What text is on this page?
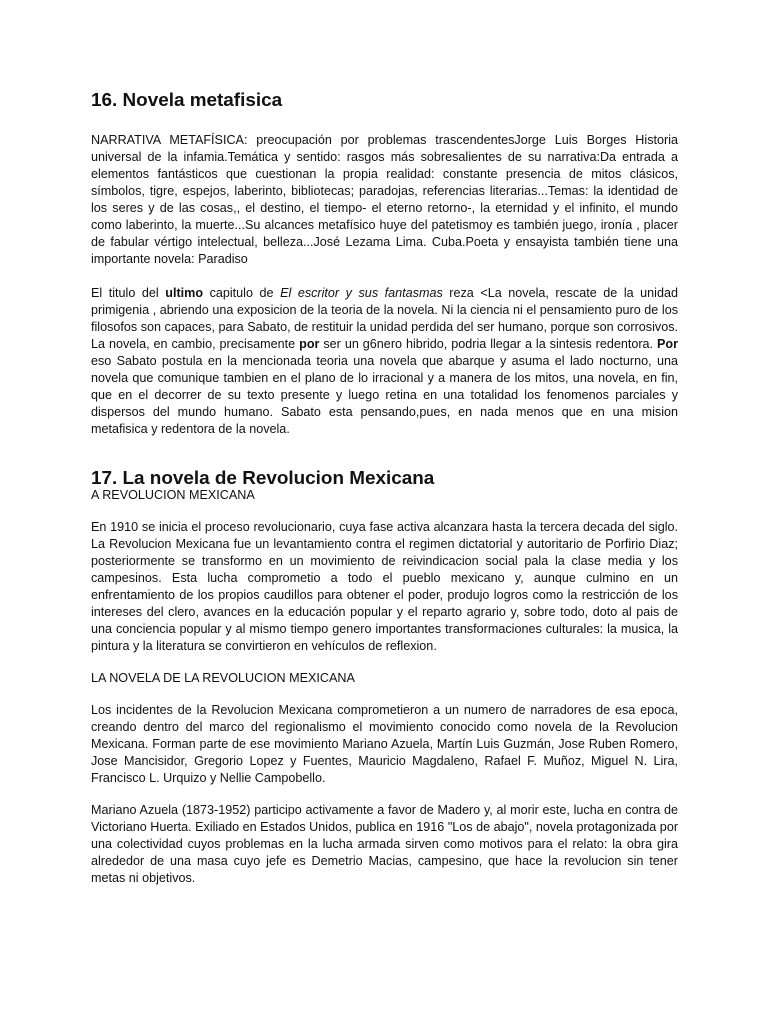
16. Novela metafisica

NARRATIVA METAFÍSICA: preocupación por problemas trascendentesJorge Luis Borges Historia universal de la infamia.Temática y sentido: rasgos más sobresalientes de su narrativa:Da entrada a elementos fantásticos que cuestionan la propia realidad: constante presencia de mitos clásicos, símbolos, tigre, espejos, laberinto, bibliotecas; paradojas, referencias literarias...Temas: la identidad de los seres y de las cosas,, el destino, el tiempo- el eterno retorno-, la eternidad y el infinito, el mundo como laberinto, la muerte...Su alcances metafísico huye del patetismoy es también juego, ironía , placer de fabular vértigo intelectual, belleza...José Lezama Lima. Cuba.Poeta y ensayista también tiene una importante novela: Paradiso

El titulo del ultimo capitulo de El escritor y sus fantasmas reza <La novela, rescate de la unidad primigenia , abriendo una exposicion de la teoria de la novela. Ni la ciencia ni el pensamiento puro de los filosofos son capaces, para Sabato, de restituir la unidad perdida del ser humano, porque son corrosivos. La novela, en cambio, precisamente por ser un g6nero hibrido, podria llegar a la sintesis redentora. Por eso Sabato postula en la mencionada teoria una novela que abarque y asuma el lado nocturno, una novela que comunique tambien en el plano de lo irracional y a manera de los mitos, una novela, en fin, que en el decorrer de su texto presente y luego retina en una totalidad los fenomenos parciales y dispersos del mundo humano. Sabato esta pensando,pues, en nada menos que en una mision metafisica y redentora de la novela.

17. La novela de Revolucion Mexicana

A REVOLUCION MEXICANA

En 1910 se inicia el proceso revolucionario, cuya fase activa alcanzara hasta la tercera decada del siglo. La Revolucion Mexicana fue un levantamiento contra el regimen dictatorial y autoritario de Porfirio Diaz; posteriormente se transformo en un movimiento de reivindicacion social pala la clase media y los campesinos. Esta lucha comprometio a todo el pueblo mexicano y, aunque culmino en un enfrentamiento de los propios caudillos para obtener el poder, produjo logros como la restricción de los intereses del clero, avances en la educación popular y el reparto agrario y, sobre todo, doto al pais de una conciencia popular y al mismo tiempo genero importantes transformaciones culturales: la musica, la pintura y la literatura se convirtieron en vehículos de reflexion.

LA NOVELA DE LA REVOLUCION MEXICANA

Los incidentes de la Revolucion Mexicana comprometieron a un numero de narradores de esa epoca, creando dentro del marco del regionalismo el movimiento conocido como novela de la Revolucion Mexicana. Forman parte de ese movimiento Mariano Azuela, Martín Luis Guzmán, Jose Ruben Romero, Jose Mancisidor, Gregorio Lopez y Fuentes, Mauricio Magdaleno, Rafael F. Muñoz, Miguel N. Lira, Francisco L. Urquizo y Nellie Campobello.

Mariano Azuela (1873-1952) participo activamente a favor de Madero y, al morir este, lucha en contra de Victoriano Huerta. Exiliado en Estados Unidos, publica en 1916 "Los de abajo", novela protagonizada por una colectividad cuyos problemas en la lucha armada sirven como motivos para el relato: la obra gira alrededor de una masa cuyo jefe es Demetrio Macias, campesino, que hace la revolucion sin tener metas ni objetivos.
